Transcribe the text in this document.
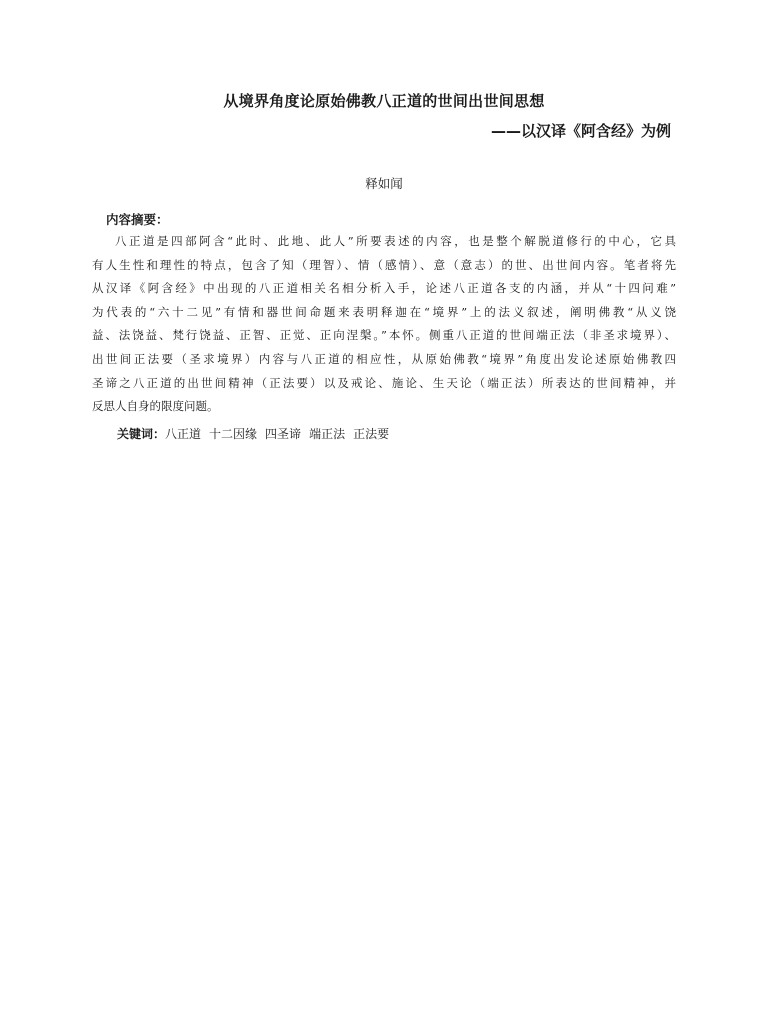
从境界角度论原始佛教八正道的世间出世间思想
——以汉译《阿含经》为例
释如闻
内容摘要：
八正道是四部阿含“此时、此地、此人”所要表述的内容，也是整个解脱道修行的中心，它具
有人生性和理性的特点，包含了知（理智）、情（感情）、意（意志）的世、出世间内容。笔者将先
从汉译《阿含经》中出现的八正道相关名相分析入手，论述八正道各支的内涵，并从“十四问难”
为代表的“六十二见”有情和器世间命题来表明释迦在“境界”上的法义叙述，阐明佛教“从义饶
益、法饶益、梵行饶益、正智、正觉、正向涅槃。”本怀。侧重八正道的世间端正法（非圣求境界）、
出世间正法要（圣求境界）内容与八正道的相应性，从原始佛教“境界”角度出发论述原始佛教四
圣谛之八正道的出世间精神（正法要）以及戒论、施论、生天论（端正法）所表达的世间精神，并
反思人自身的限度问题。
关键词：八正道 十二因缘 四圣谛 端正法 正法要
